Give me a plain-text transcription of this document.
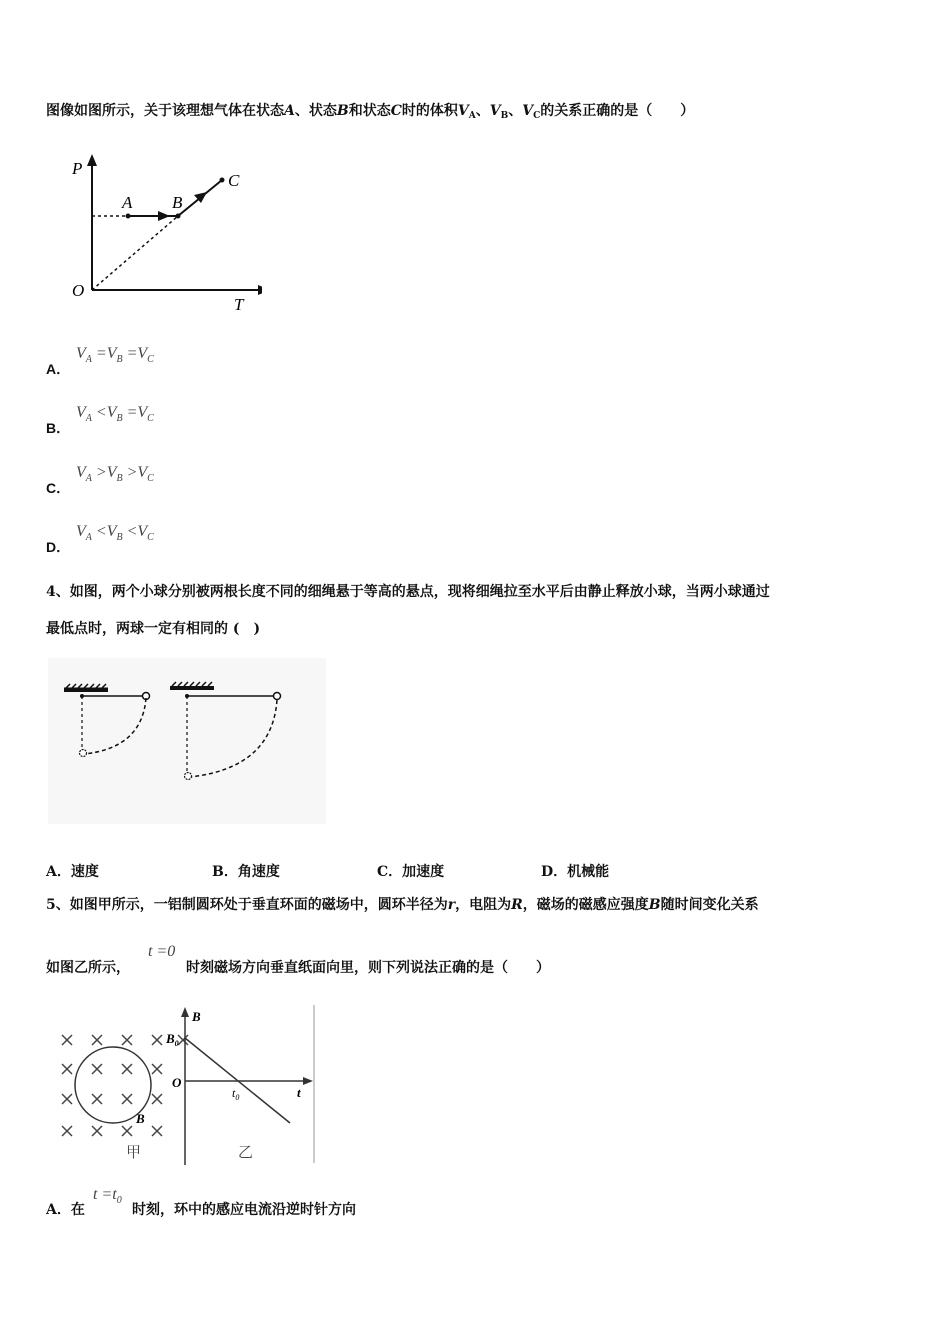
图像如图所示，关于该理想气体在状态A、状态B和状态C时的体积$V_A$、$V_B$、$V_C$的关系正确的是（　　）
P
T
O
A B
C
A．
$V_A =V_B =V_C$
B．
$V_A <V_B =V_C$
C．
$V_A >V_B >V_C$
D．
$V_A <V_B <V_C$
4、如图，两个小球分别被两根长度不同的细绳悬于等高的悬点，现将细绳拉至水平后由静止释放小球，当两小球通过
最低点时，两球一定有相同的 (　)
A．速度	B．角速度	C．加速度	D．机械能
5、如图甲所示，一铝制圆环处于垂直环面的磁场中，圆环半径为r，电阻为R，磁场的磁感应强度B随时间变化关系
如图乙所示，
t =0
时刻磁场方向垂直纸面向里，则下列说法正确的是（　　）
B
甲
B
$B_0$
O
$t_0$	t
乙
A．在
$t =t_0$
时刻，环中的感应电流沿逆时针方向
